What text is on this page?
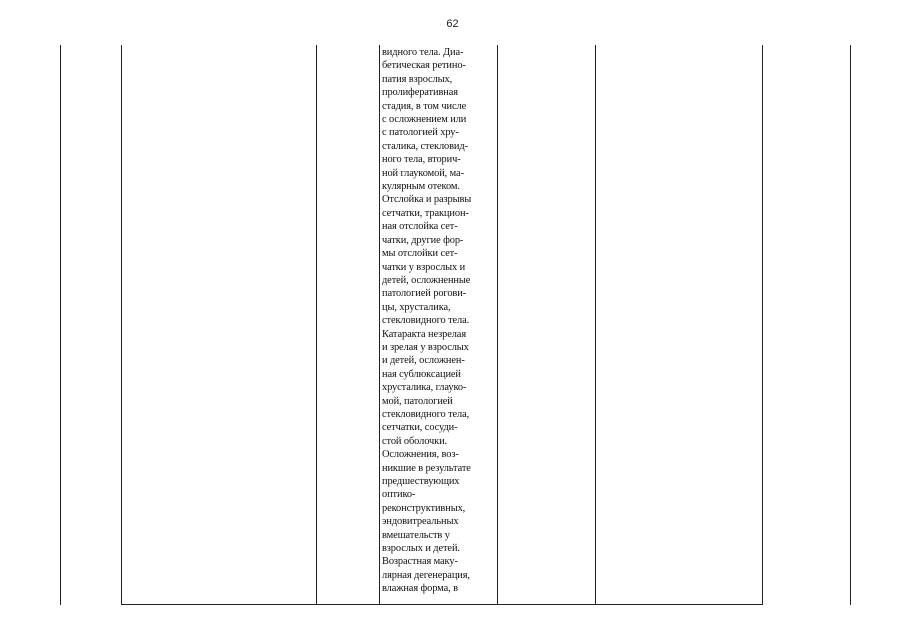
62
видного тела. Диа-
бетическая ретино-
патия взрослых,
пролиферативная
стадия, в том числе
с осложнением или
с патологией хру-
сталика, стекловид-
ного тела, вторич-
ной глаукомой, ма-
кулярным отеком.
Отслойка и разрывы
сетчатки, тракцион-
ная отслойка сет-
чатки, другие фор-
мы отслойки сет-
чатки у взрослых и
детей, осложненные
патологией рогови-
цы, хрусталика,
стекловидного тела.
Катаракта незрелая
и зрелая у взрослых
и детей, осложнен-
ная сублюксацией
хрусталика, глауко-
мой, патологией
стекловидного тела,
сетчатки, сосуди-
стой оболочки.
Осложнения, воз-
никшие в результате
предшествующих
оптико-
реконструктивных,
эндовитреальных
вмешательств у
взрослых и детей.
Возрастная маку-
лярная дегенерация,
влажная форма, в
